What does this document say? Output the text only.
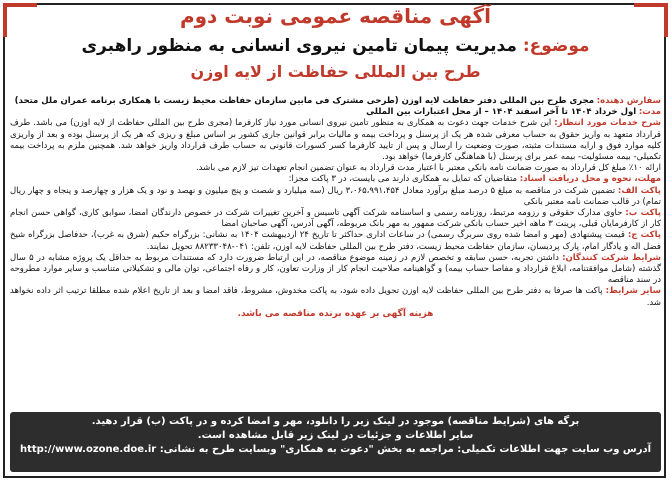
آگهی مناقصه عمومی نوبت دوم
موضوع: مدیریت پیمان تامین نیروی انسانی به منظور راهبری
طرح بین المللی حفاظت از لایه اوزن

سفارش دهنده: مجری طرح بین المللی دفتر حفاظت لایه اوزن (طرحی مشترک فی مابین سازمان حفاظت محیط زیست با همکاری برنامه عمران ملل متحد)

مدت: اول خرداد ۱۴۰۴ تا آخر اسفند ۱۴۰۴ – از محل اعتبارات بین المللی

شرح خدمات مورد انتظار: این شرح خدمات جهت دعوت به همکاری به منظور تامین نیروی انسانی مورد نیاز کارفرما (مجری طرح بین المللی حفاظت از لایه اوزن) می باشد. طرف قرارداد متعهد به واریز حقوق به حساب معرفی شده هر یک از پرسنل و پرداخت بیمه و مالیات برابر قوانین جاری کشور بر اساس مبلغ و ریزی که هر یک از پرسنل بوده و بعد از واریزی کلیه موارد فوق و ارایه مستندات مثبته، صورت وضعیت را ارسال و پس از تایید کارفرما کسر کسورات قانونی به حساب طرف قرارداد واریز خواهد شد. همچنین ملزم به پرداخت بیمه تکمیلی- بیمه مسئولیت- بیمه عمر برای پرسنل (با هماهنگی کارفرما) خواهد بود.

ارائه ۱۰٪ مبلغ کل قرارداد به صورت ضمانت نامه بانکی معتبر با اعتبار مدت قرارداد به عنوان تضمین انجام تعهدات تیز لازم می باشد.

مهلت، نحوه و محل دریافت اسناد: متقاضیان که تمایل به همکاری دارند می بایست، در ۳ پاکت مجزا:

پاکت الف: تضمین شرکت در مناقصه به مبلغ ۵ درصد مبلغ برآورد معادل ۳،۰۶۵،۹۹۱،۴۵۴ ریال (سه میلیارد و شصت و پنج میلیون و نهصد و نود و یک هزار و چهارصد و پنجاه و چهار ریال تمام) در قالب ضمانت نامه معتبر بانکی

پاکت ب: حاوی مدارک حقوقی و رزومه مرتبط، روزنامه رسمی و اساسنامه شرکت آگهی تاسیس و آخرین تغییرات شرکت در خصوص دارندگان امضا، سوابق کاری، گواهی حسن انجام کار از کارفرمایان قبلی، پرینت ۳ ماهه اخیر حساب بانکی شرکت ممهور به مهر بانک مربوطه، آگهی آدرس، آگهی صاحبان امضا

پاکت ج: قیمت پیشنهادی (مهر و امضا شده روی سربرگ رسمی) در ساعات اداری حداکثر تا تاریخ ۲۴ اردیبهشت ۱۴۰۴ به نشانی: بزرگراه حکیم (شرق به غرب)، حدفاصل بزرگراه شیخ فضل اله و یادگار امام، پارک پردیسان، سازمان حفاظت محیط زیست، دفتر طرح بین المللی حفاظت لایه اوزن، تلفن: ۰۴۱-۸۸۲۳۳۰۴۸ تحویل نمایند.

شرایط شرکت کنندگان: داشتن تجربه، حسن سابقه و تخصص لازم در زمینه موضوع مناقصه، در این ارتباط ضرورت دارد که مستندات مربوط به حداقل یک پروژه مشابه در ۵ سال گذشته (شامل موافقتنامه، ابلاغ قرارداد و مفاصا حساب بیمه) و گواهینامه صلاحیت انجام کار از وزارت تعاون، کار و رفاه اجتماعی، توان مالی و تشکیلاتی متناسب و سایر موارد مطروحه در سند مناقصه

سایر شرایط: پاکت ها صرفا به دفتر طرح بین المللی حفاظت لایه اوزن تحویل داده شود، به پاکت مخدوش، مشروط، فاقد امضا و بعد از تاریخ اعلام شده مطلقا ترتیب اثر داده نخواهد شد.

هزینه آگهی بر عهده برنده مناقصه می باشد.

برگه های (شرایط مناقصه) موجود در لینک زیر را دانلود، مهر و امضا کرده و در پاکت (ب) قرار دهید.
سایر اطلاعات و جزئیات در لینک زیر قابل مشاهده است.
آدرس وب سایت جهت اطلاعات تکمیلی: مراجعه به بخش "دعوت به همکاری" وبسایت طرح به نشانی: http://www.ozone.doe.ir
